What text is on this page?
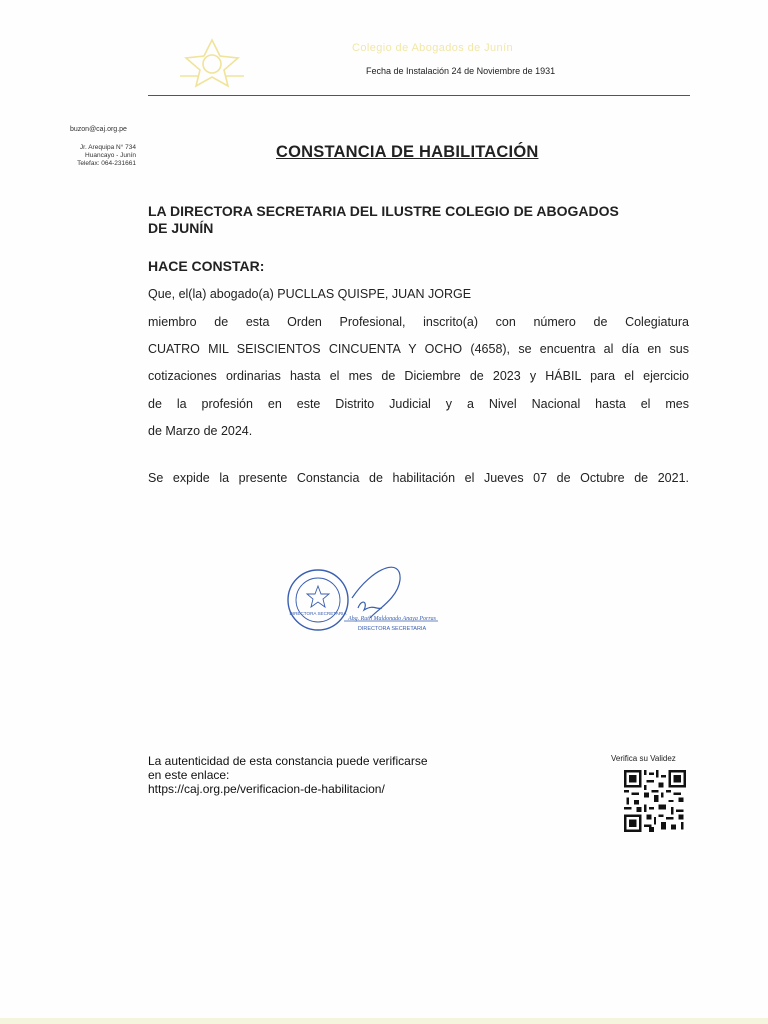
Colegio de Abogados de Junín
Fecha de Instalación 24 de Noviembre de 1931
buzon@caj.org.pe
Jr. Arequipa N° 734
Huancayo - Junín
Telefax: 064-231661
CONSTANCIA DE HABILITACIÓN
LA DIRECTORA SECRETARIA DEL ILUSTRE COLEGIO DE ABOGADOS
DE JUNÍN
HACE CONSTAR:
Que, el(la) abogado(a) PUCLLAS QUISPE, JUAN JORGE
miembro de esta Orden Profesional, inscrito(a) con número de Colegiatura
CUATRO MIL SEISCIENTOS CINCUENTA Y OCHO (4658), se encuentra al día en sus
cotizaciones ordinarias hasta el mes de Diciembre de 2023 y HÁBIL para el ejercicio
de la profesión en este Distrito Judicial y a Nivel Nacional hasta el mes
de Marzo de 2024.
Se expide la presente Constancia de habilitación el Jueves 07 de Octubre de 2021.
DIRECTORA SECRETARIA
Abg. Ruth Maldonado Anaya Porras
DIRECTORA SECRETARIA
La autenticidad de esta constancia puede verificarse
en este enlace:
https://caj.org.pe/verificacion-de-habilitacion/
Verifica su Validez
